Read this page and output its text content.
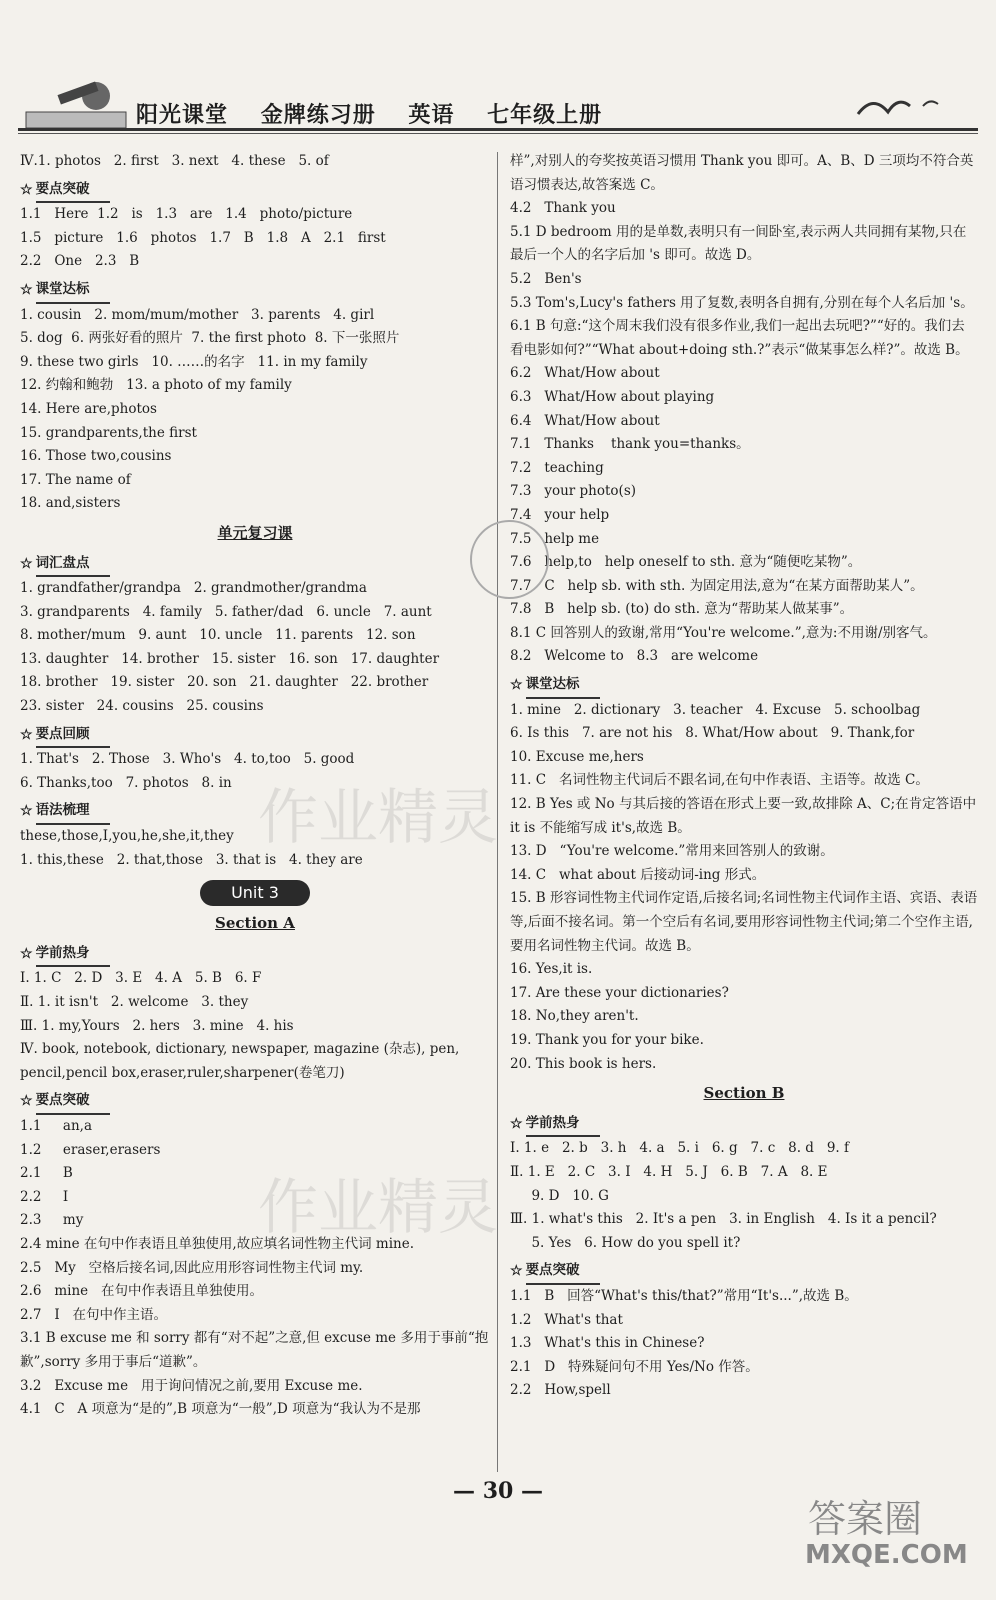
阳光课堂 金牌练习册 英语 七年级上册
Ⅳ.1. photos   2. first   3. next   4. these   5. of
☆ 要点突破
1.1   Here  1.2   is   1.3   are   1.4   photo/picture
1.5   picture   1.6   photos   1.7   B   1.8   A   2.1   first
2.2   One   2.3   B
☆ 课堂达标
1. cousin   2. mom/mum/mother   3. parents   4. girl
5. dog  6. 两张好看的照片  7. the first photo  8. 下一张照片
9. these two girls   10. ……的名字   11. in my family
12. 约翰和鲍勃   13. a photo of my family
14. Here are,photos
15. grandparents,the first
16. Those two,cousins
17. The name of
18. and,sisters
单元复习课
☆ 词汇盘点
1. grandfather/grandpa   2. grandmother/grandma
3. grandparents   4. family   5. father/dad   6. uncle   7. aunt
8. mother/mum   9. aunt   10. uncle   11. parents   12. son
13. daughter   14. brother   15. sister   16. son   17. daughter
18. brother   19. sister   20. son   21. daughter   22. brother
23. sister   24. cousins   25. cousins
☆ 要点回顾
1. That's   2. Those   3. Who's   4. to,too   5. good
6. Thanks,too   7. photos   8. in
☆ 语法梳理
these,those,I,you,he,she,it,they
1. this,these   2. that,those   3. that is   4. they are
Unit 3
Section A
☆ 学前热身
Ⅰ. 1. C   2. D   3. E   4. A   5. B   6. F
Ⅱ. 1. it isn't   2. welcome   3. they
Ⅲ. 1. my,Yours   2. hers   3. mine   4. his
Ⅳ. book, notebook, dictionary, newspaper, magazine (杂志), pen, pencil,pencil box,eraser,ruler,sharpener(卷笔刀)
☆ 要点突破
1.1     an,a
1.2     eraser,erasers
2.1     B
2.2     I
2.3     my
2.4 mine 在句中作表语且单独使用,故应填名词性物主代词 mine.
2.5   My   空格后接名词,因此应用形容词性物主代词 my.
2.6   mine   在句中作表语且单独使用。
2.7   I   在句中作主语。
3.1 B excuse me 和 sorry 都有“对不起”之意,但 excuse me 多用于事前“抱歉”,sorry 多用于事后“道歉”。
3.2   Excuse me   用于询问情况之前,要用 Excuse me.
4.1   C   A 项意为“是的”,B 项意为“一般”,D 项意为“我认为不是那
样”,对别人的夸奖按英语习惯用 Thank you 即可。A、B、D 三项均不符合英语习惯表达,故答案选 C。
4.2   Thank you
5.1 D bedroom 用的是单数,表明只有一间卧室,表示两人共同拥有某物,只在最后一个人的名字后加 's 即可。故选 D。
5.2   Ben's
5.3 Tom's,Lucy's fathers 用了复数,表明各自拥有,分别在每个人名后加 's。
6.1 B 句意:“这个周末我们没有很多作业,我们一起出去玩吧?”“好的。我们去看电影如何?”“What about+doing sth.?”表示“做某事怎么样?”。故选 B。
6.2   What/How about
6.3   What/How about playing
6.4   What/How about
7.1   Thanks    thank you=thanks。
7.2   teaching
7.3   your photo(s)
7.4   your help
7.5   help me
7.6   help,to   help oneself to sth. 意为“随便吃某物”。
7.7   C   help sb. with sth. 为固定用法,意为“在某方面帮助某人”。
7.8   B   help sb. (to) do sth. 意为“帮助某人做某事”。
8.1 C 回答别人的致谢,常用“You're welcome.”,意为:不用谢/别客气。
8.2   Welcome to   8.3   are welcome
☆ 课堂达标
1. mine   2. dictionary   3. teacher   4. Excuse   5. schoolbag
6. Is this   7. are not his   8. What/How about   9. Thank,for
10. Excuse me,hers
11. C   名词性物主代词后不跟名词,在句中作表语、主语等。故选 C。
12. B Yes 或 No 与其后接的答语在形式上要一致,故排除 A、C;在肯定答语中 it is 不能缩写成 it's,故选 B。
13. D   “You're welcome.”常用来回答别人的致谢。
14. C   what about 后接动词-ing 形式。
15. B 形容词性物主代词作定语,后接名词;名词性物主代词作主语、宾语、表语等,后面不接名词。第一个空后有名词,要用形容词性物主代词;第二个空作主语,要用名词性物主代词。故选 B。
16. Yes,it is.
17. Are these your dictionaries?
18. No,they aren't.
19. Thank you for your bike.
20. This book is hers.
Section B
☆ 学前热身
Ⅰ. 1. e   2. b   3. h   4. a   5. i   6. g   7. c   8. d   9. f
Ⅱ. 1. E   2. C   3. I   4. H   5. J   6. B   7. A   8. E
9. D   10. G
Ⅲ. 1. what's this   2. It's a pen   3. in English   4. Is it a pencil?
5. Yes   6. How do you spell it?
☆ 要点突破
1.1   B   回答“What's this/that?”常用“It's...”,故选 B。
1.2   What's that
1.3   What's this in Chinese?
2.1   D   特殊疑问句不用 Yes/No 作答。
2.2   How,spell
作业精灵
作业精灵
— 30 —
答案圈
MXQE.COM
